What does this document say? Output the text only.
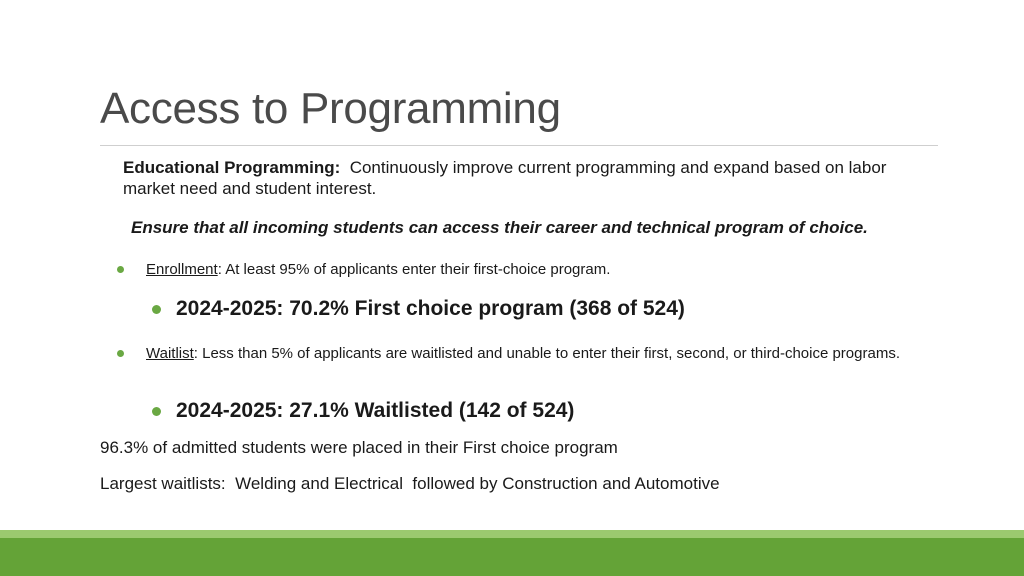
Access to Programming
Educational Programming:  Continuously improve current programming and expand based on labor market need and student interest.
Ensure that all incoming students can access their career and technical program of choice.
Enrollment: At least 95% of applicants enter their first-choice program.
2024-2025: 70.2% First choice program (368 of 524)
Waitlist: Less than 5% of applicants are waitlisted and unable to enter their first, second, or third-choice programs.
2024-2025: 27.1% Waitlisted (142 of 524)
96.3% of admitted students were placed in their First choice program
Largest waitlists:  Welding and Electrical  followed by Construction and Automotive
